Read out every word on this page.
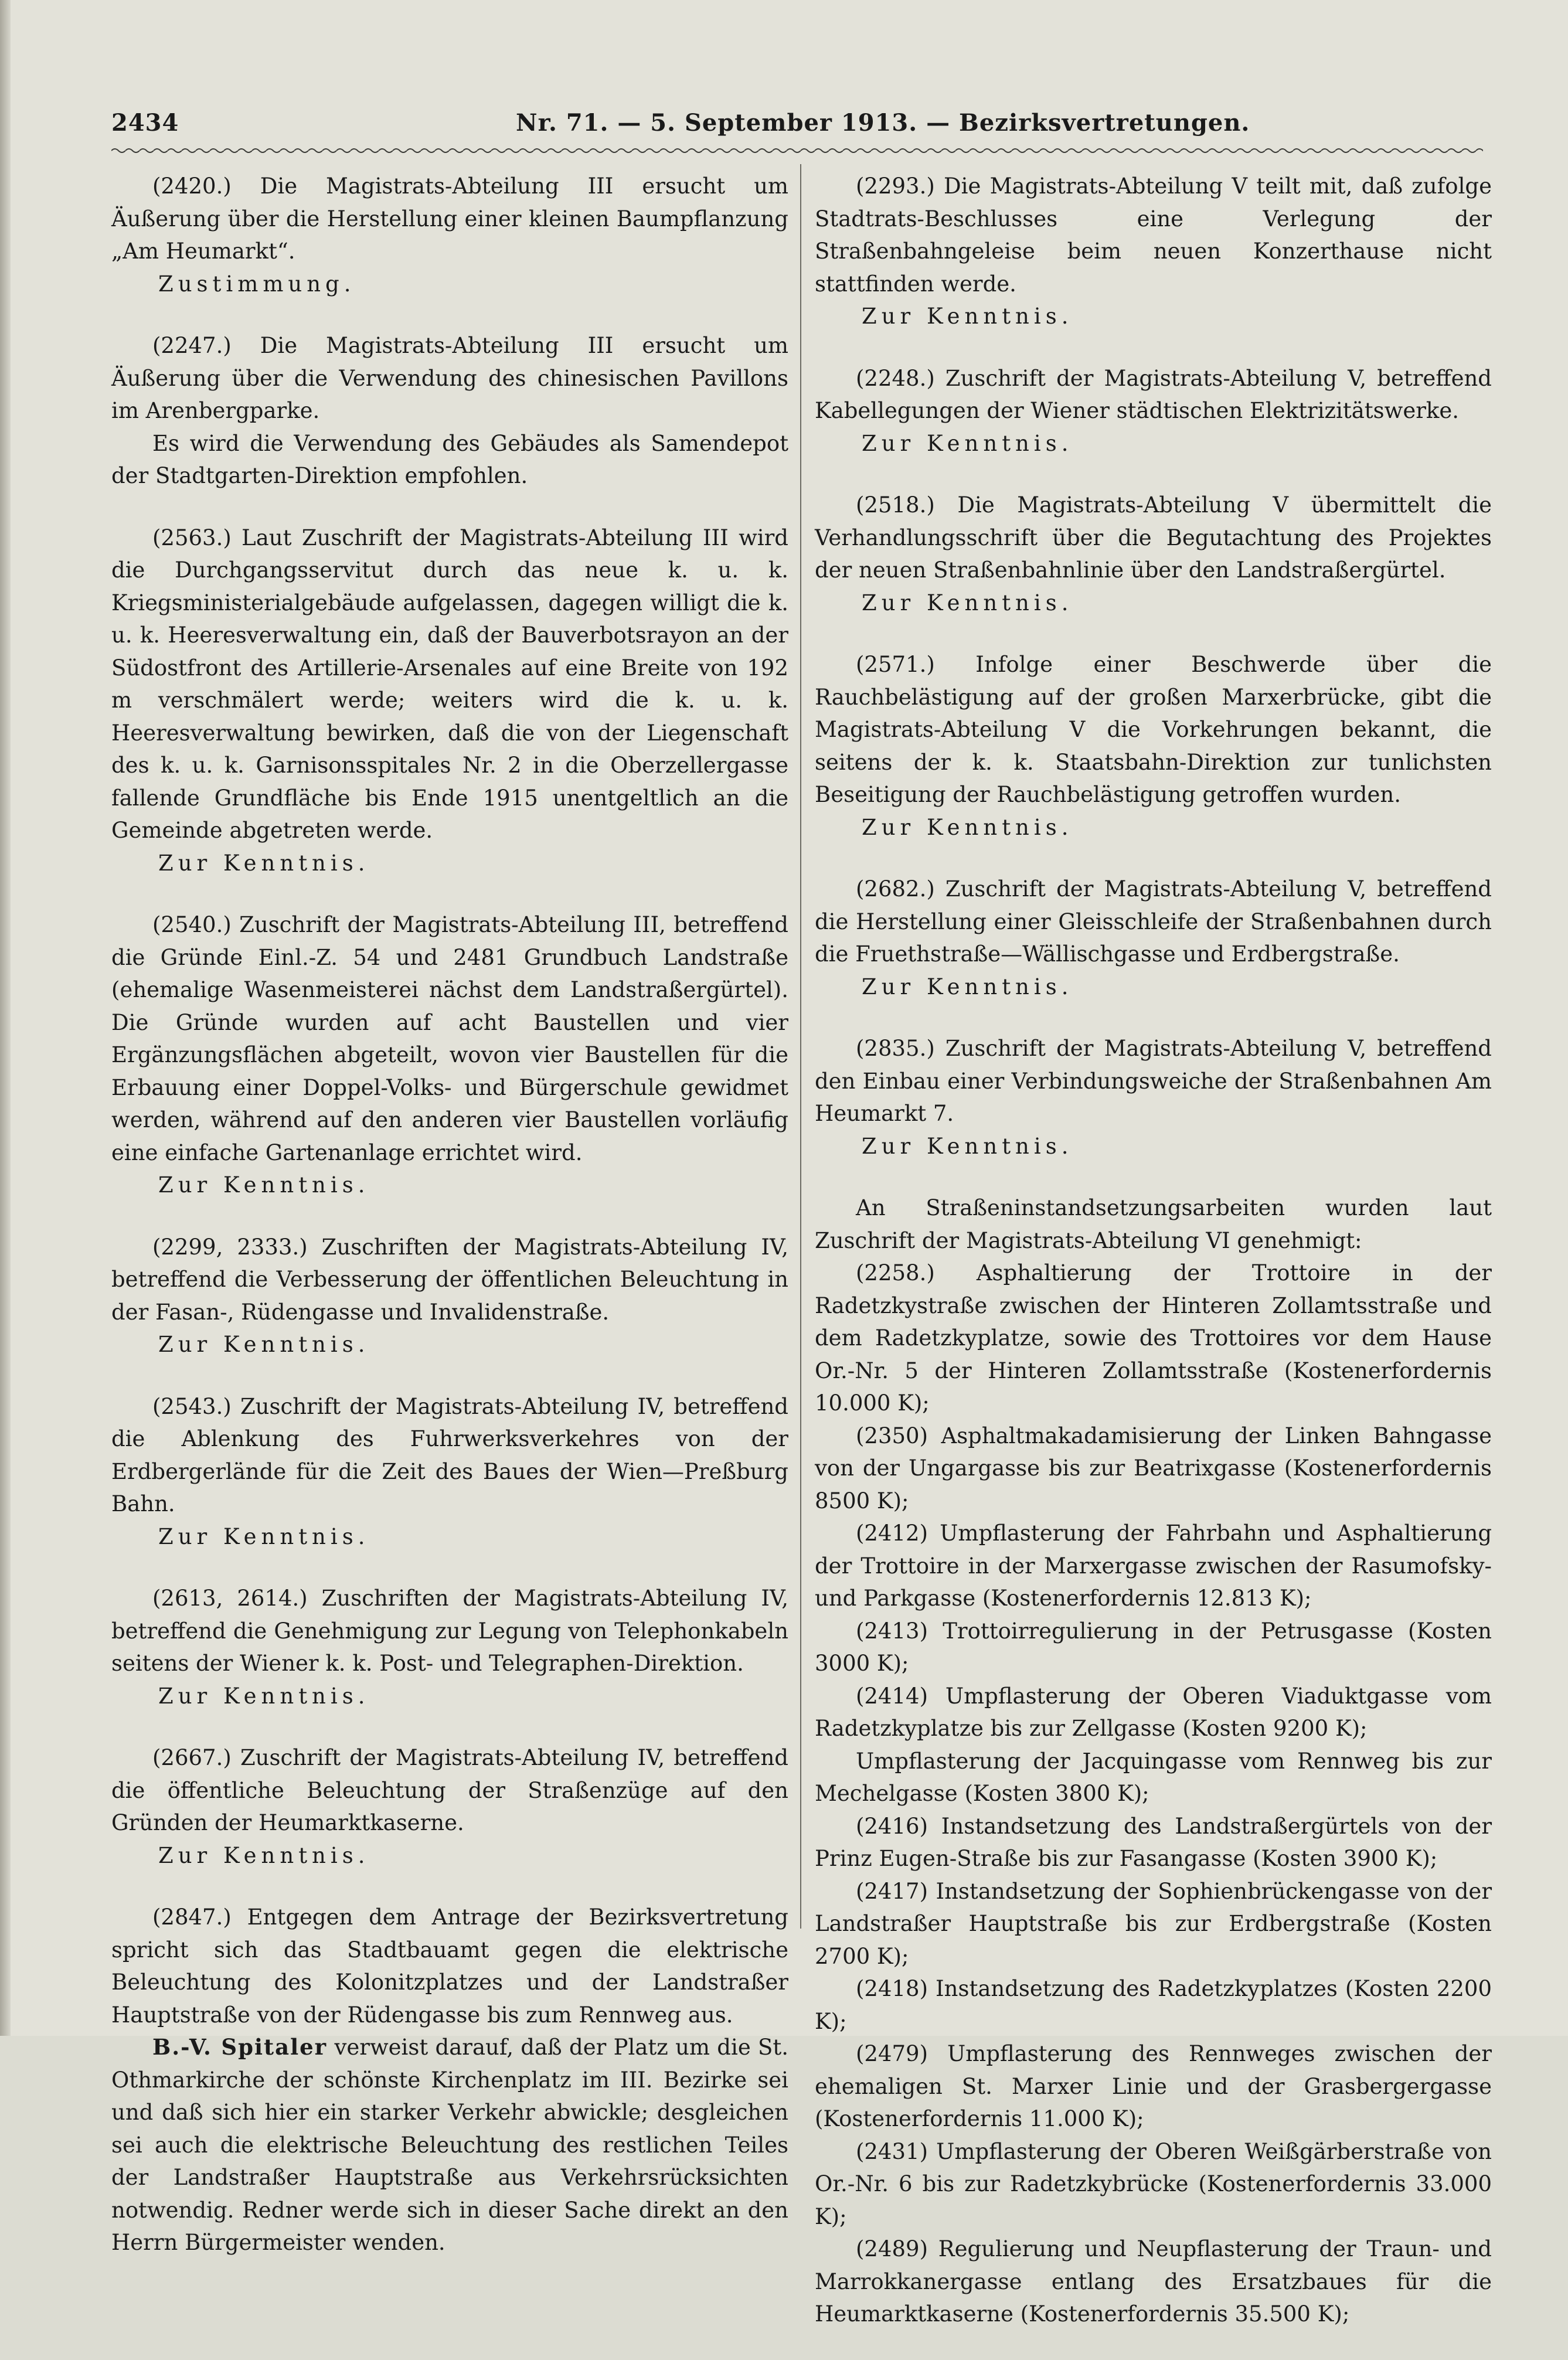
2434	Nr. 71. — 5. September 1913. — Bezirksvertretungen.

(2420.) Die Magistrats-Abteilung III ersucht um Äußerung über die Herstellung einer kleinen Baumpflanzung „Am Heumarkt“.

Zustimmung.

(2247.) Die Magistrats-Abteilung III ersucht um Äußerung über die Verwendung des chinesischen Pavillons im Arenbergparke.

Es wird die Verwendung des Gebäudes als Samendepot der Stadtgarten-Direktion empfohlen.

(2563.) Laut Zuschrift der Magistrats-Abteilung III wird die Durchgangsservitut durch das neue k. u. k. Kriegsministerialgebäude aufgelassen, dagegen willigt die k. u. k. Heeresverwaltung ein, daß der Bauverbotsrayon an der Südostfront des Artillerie-Arsenales auf eine Breite von 192 m verschmälert werde; weiters wird die k. u. k. Heeresverwaltung bewirken, daß die von der Liegenschaft des k. u. k. Garnisonsspitales Nr. 2 in die Oberzellergasse fallende Grundfläche bis Ende 1915 unentgeltlich an die Gemeinde abgetreten werde.

Zur Kenntnis.

(2540.) Zuschrift der Magistrats-Abteilung III, betreffend die Gründe Einl.-Z. 54 und 2481 Grundbuch Landstraße (ehemalige Wasenmeisterei nächst dem Landstraßergürtel). Die Gründe wurden auf acht Baustellen und vier Ergänzungsflächen abgeteilt, wovon vier Baustellen für die Erbauung einer Doppel-Volks- und Bürgerschule gewidmet werden, während auf den anderen vier Baustellen vorläufig eine einfache Gartenanlage errichtet wird.

Zur Kenntnis.

(2299, 2333.) Zuschriften der Magistrats-Abteilung IV, betreffend die Verbesserung der öffentlichen Beleuchtung in der Fasan-, Rüdengasse und Invalidenstraße.

Zur Kenntnis.

(2543.) Zuschrift der Magistrats-Abteilung IV, betreffend die Ablenkung des Fuhrwerksverkehres von der Erdbergerlände für die Zeit des Baues der Wien—Preßburg Bahn.

Zur Kenntnis.

(2613, 2614.) Zuschriften der Magistrats-Abteilung IV, betreffend die Genehmigung zur Legung von Telephonkabeln seitens der Wiener k. k. Post- und Telegraphen-Direktion.

Zur Kenntnis.

(2667.) Zuschrift der Magistrats-Abteilung IV, betreffend die öffentliche Beleuchtung der Straßenzüge auf den Gründen der Heumarktkaserne.

Zur Kenntnis.

(2847.) Entgegen dem Antrage der Bezirksvertretung spricht sich das Stadtbauamt gegen die elektrische Beleuchtung des Kolonitzplatzes und der Landstraßer Hauptstraße von der Rüdengasse bis zum Rennweg aus.

B.-V. Spitaler verweist darauf, daß der Platz um die St. Othmarkirche der schönste Kirchenplatz im III. Bezirke sei und daß sich hier ein starker Verkehr abwickle; desgleichen sei auch die elektrische Beleuchtung des restlichen Teiles der Landstraßer Hauptstraße aus Verkehrsrücksichten notwendig. Redner werde sich in dieser Sache direkt an den Herrn Bürgermeister wenden.

(2293.) Die Magistrats-Abteilung V teilt mit, daß zufolge Stadtrats-Beschlusses eine Verlegung der Straßenbahngeleise beim neuen Konzerthause nicht stattfinden werde.

Zur Kenntnis.

(2248.) Zuschrift der Magistrats-Abteilung V, betreffend Kabellegungen der Wiener städtischen Elektrizitätswerke.

Zur Kenntnis.

(2518.) Die Magistrats-Abteilung V übermittelt die Verhandlungsschrift über die Begutachtung des Projektes der neuen Straßenbahnlinie über den Landstraßergürtel.

Zur Kenntnis.

(2571.) Infolge einer Beschwerde über die Rauchbelästigung auf der großen Marxerbrücke, gibt die Magistrats-Abteilung V die Vorkehrungen bekannt, die seitens der k. k. Staatsbahn-Direktion zur tunlichsten Beseitigung der Rauchbelästigung getroffen wurden.

Zur Kenntnis.

(2682.) Zuschrift der Magistrats-Abteilung V, betreffend die Herstellung einer Gleisschleife der Straßenbahnen durch die Fruethstraße—Wällischgasse und Erdbergstraße.

Zur Kenntnis.

(2835.) Zuschrift der Magistrats-Abteilung V, betreffend den Einbau einer Verbindungsweiche der Straßenbahnen Am Heumarkt 7.

Zur Kenntnis.

An Straßeninstandsetzungsarbeiten wurden laut Zuschrift der Magistrats-Abteilung VI genehmigt:

(2258.) Asphaltierung der Trottoire in der Radetzkystraße zwischen der Hinteren Zollamtsstraße und dem Radetzkyplatze, sowie des Trottoires vor dem Hause Or.-Nr. 5 der Hinteren Zollamtsstraße (Kostenerfordernis 10.000 K);

(2350) Asphaltmakadamisierung der Linken Bahngasse von der Ungargasse bis zur Beatrixgasse (Kostenerfordernis 8500 K);

(2412) Umpflasterung der Fahrbahn und Asphaltierung der Trottoire in der Marxergasse zwischen der Rasumofsky- und Parkgasse (Kostenerfordernis 12.813 K);

(2413) Trottoirregulierung in der Petrusgasse (Kosten 3000 K);

(2414) Umpflasterung der Oberen Viaduktgasse vom Radetzkyplatze bis zur Zellgasse (Kosten 9200 K);

Umpflasterung der Jacquingasse vom Rennweg bis zur Mechelgasse (Kosten 3800 K);

(2416) Instandsetzung des Landstraßergürtels von der Prinz Eugen-Straße bis zur Fasangasse (Kosten 3900 K);

(2417) Instandsetzung der Sophienbrückengasse von der Landstraßer Hauptstraße bis zur Erdbergstraße (Kosten 2700 K);

(2418) Instandsetzung des Radetzkyplatzes (Kosten 2200 K);

(2479) Umpflasterung des Rennweges zwischen der ehemaligen St. Marxer Linie und der Grasbergergasse (Kostenerfordernis 11.000 K);

(2431) Umpflasterung der Oberen Weißgärberstraße von Or.-Nr. 6 bis zur Radetzkybrücke (Kostenerfordernis 33.000 K);

(2489) Regulierung und Neupflasterung der Traun- und Marrokkanergasse entlang des Ersatzbaues für die Heumarktkaserne (Kostenerfordernis 35.500 K);
